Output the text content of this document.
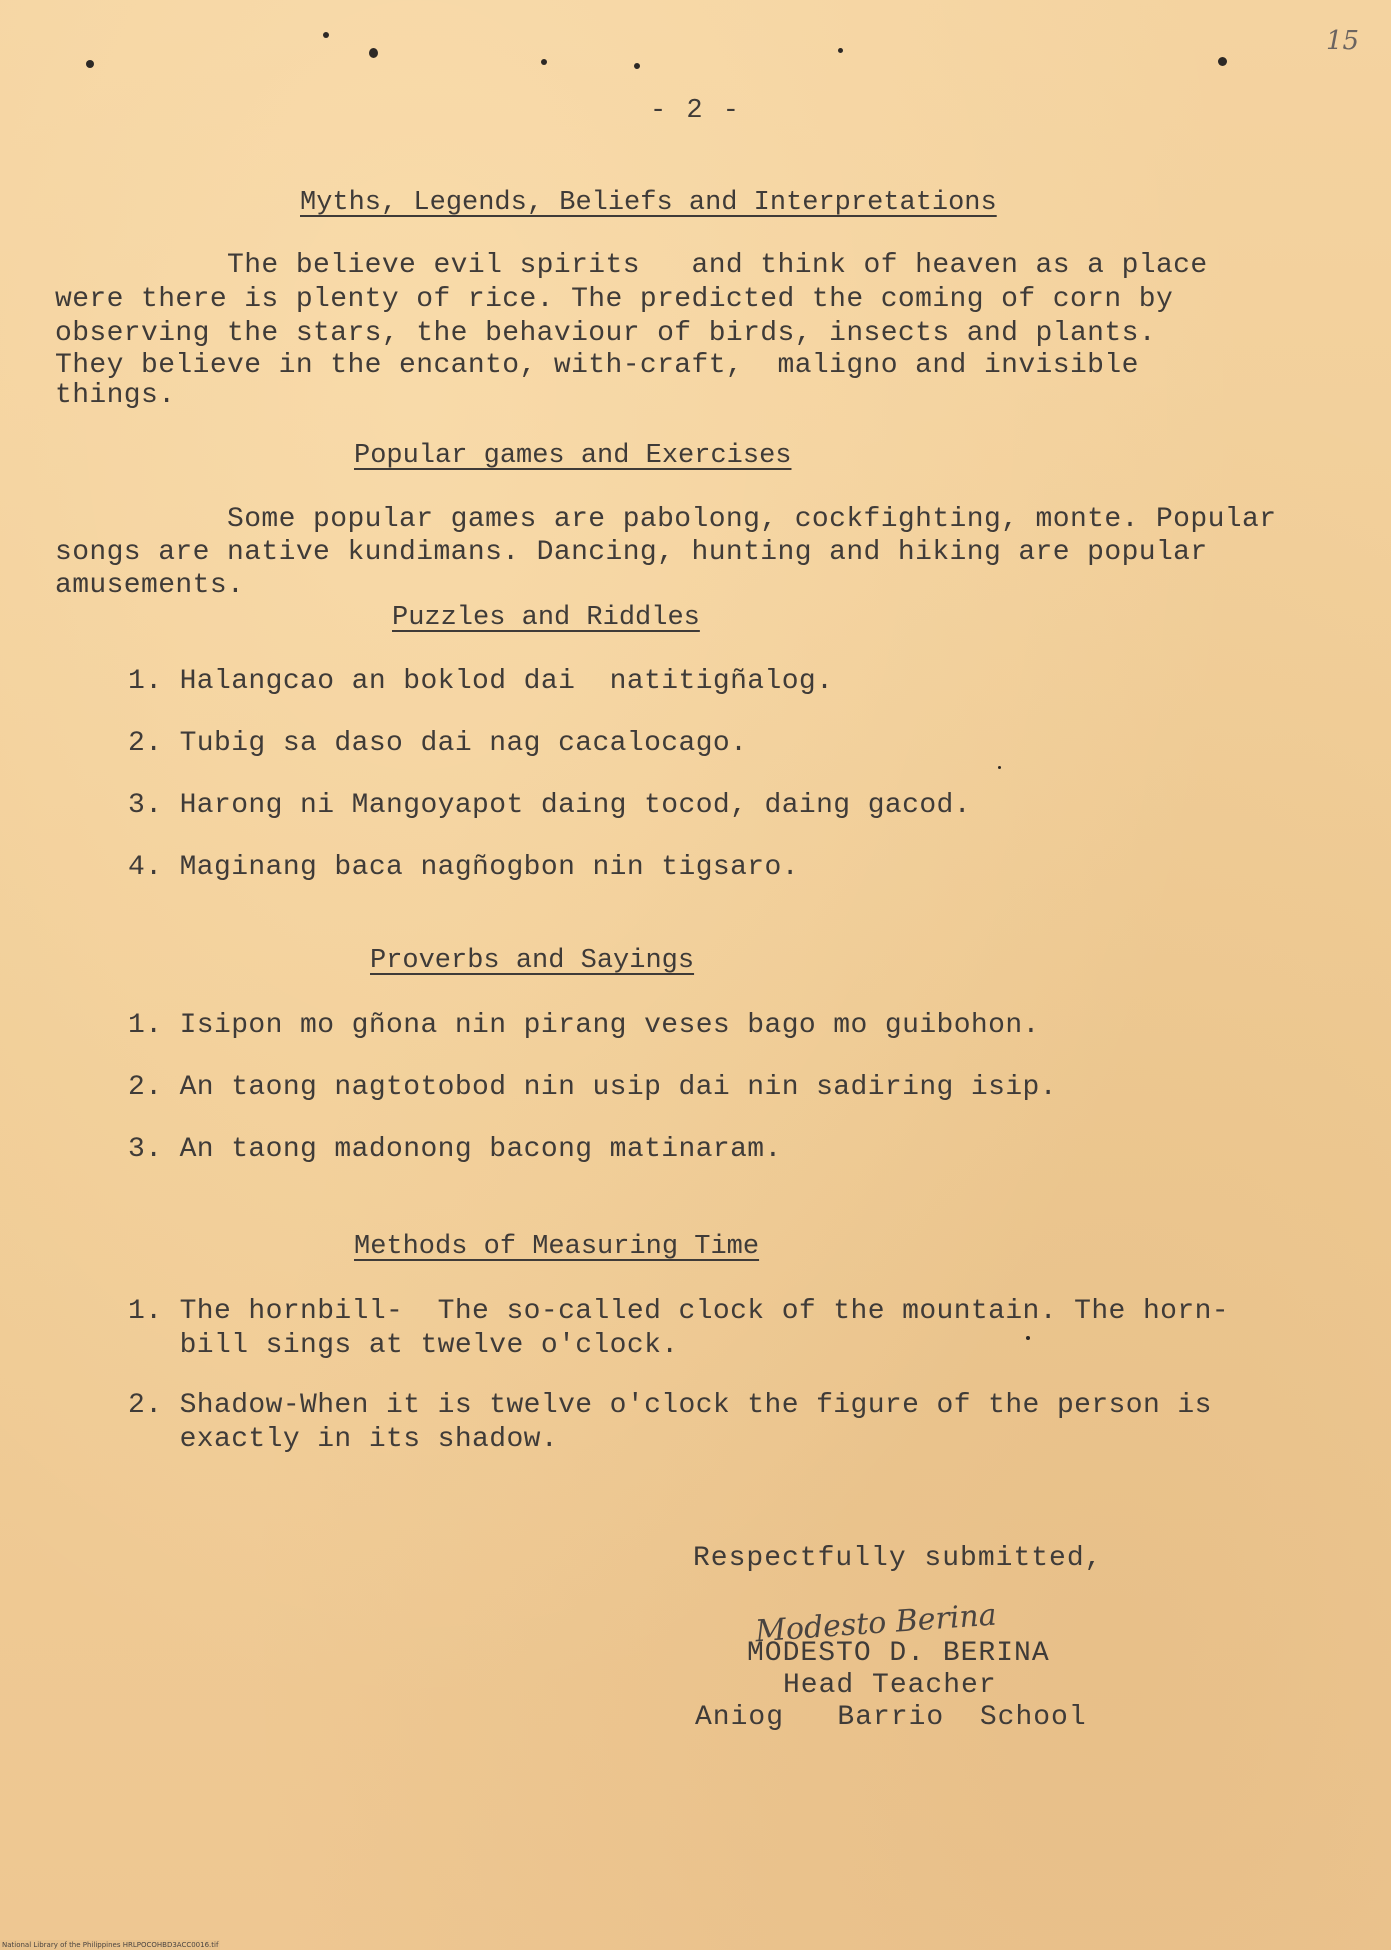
15
- 2 -
Myths, Legends, Beliefs and Interpretations
The believe evil spirits   and think of heaven as a place
were there is plenty of rice. The predicted the coming of corn by
observing the stars, the behaviour of birds, insects and plants.
They believe in the encanto, with-craft,  maligno and invisible
things.
Popular games and Exercises
Some popular games are pabolong, cockfighting, monte. Popular
songs are native kundimans. Dancing, hunting and hiking are popular
amusements.
Puzzles and Riddles
1. Halangcao an boklod dai  natitigñalog.
2. Tubig sa daso dai nag cacalocago.
3. Harong ni Mangoyapot daing tocod, daing gacod.
4. Maginang baca nagñogbon nin tigsaro.
Proverbs and Sayings
1. Isipon mo gñona nin pirang veses bago mo guibohon.
2. An taong nagtotobod nin usip dai nin sadiring isip.
3. An taong madonong bacong matinaram.
Methods of Measuring Time
1. The hornbill-  The so-called clock of the mountain. The horn-
bill sings at twelve o'clock.
2. Shadow-When it is twelve o'clock the figure of the person is
exactly in its shadow.
Respectfully submitted,
Modesto Berina
MODESTO D. BERINA
Head Teacher
Aniog   Barrio  School
National Library of the Philippines HRLPOCOHBD3ACC0016.tif
